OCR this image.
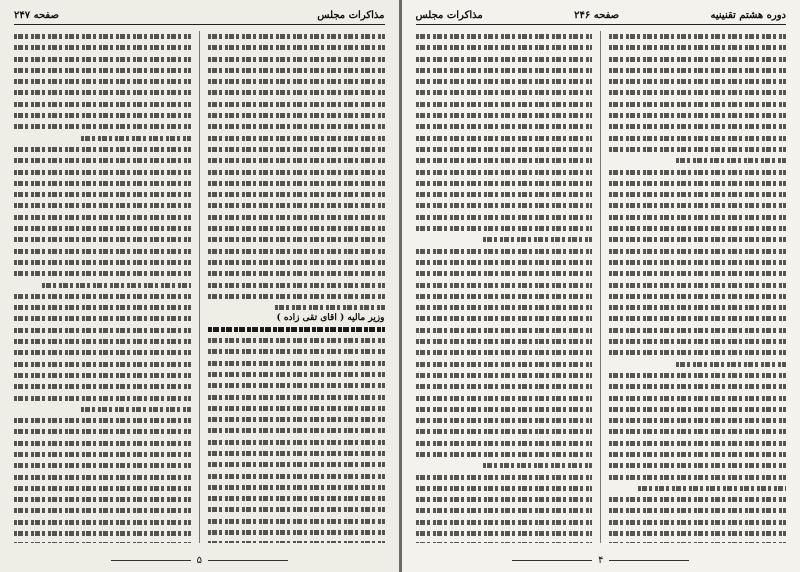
مذاکرات مجلس
صفحه ۲۴۷
وزیر مالیه ( آقای تقی زاده )
۵
دوره هشتم تقنینیه
صفحه ۲۴۶
مذاکرات مجلس
۴
